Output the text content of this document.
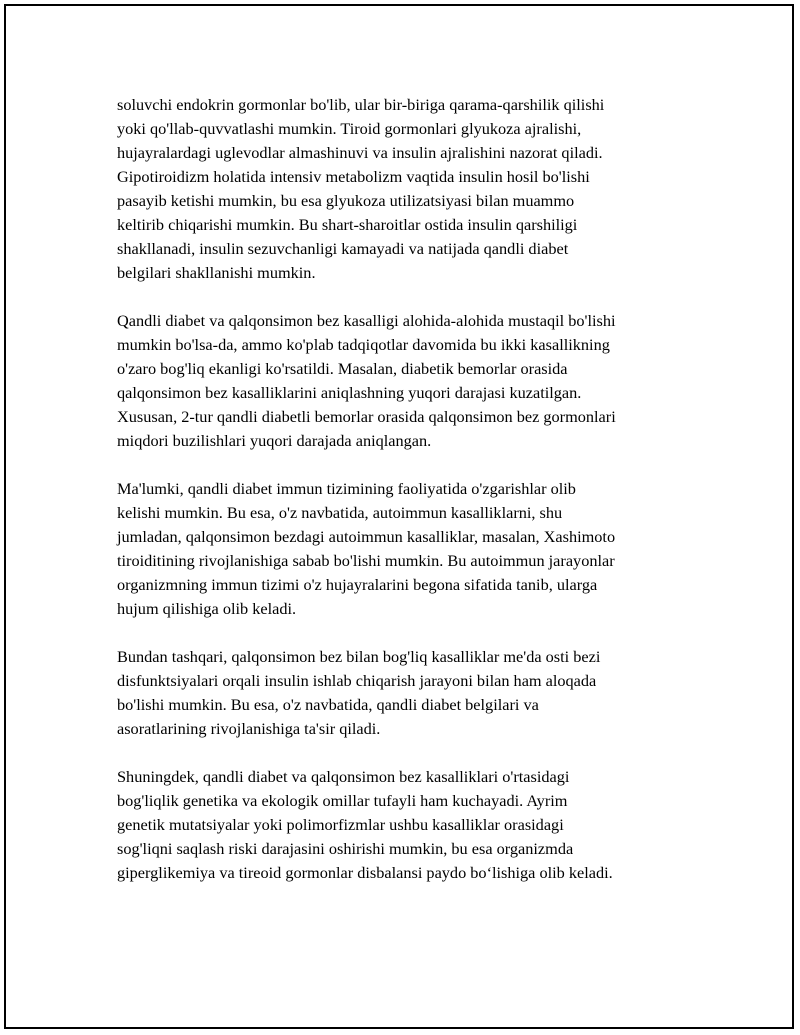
soluvchi endokrin gormonlar bo'lib, ular bir-biriga qarama-qarshilik qilishi
yoki qo'llab-quvvatlashi mumkin. Tiroid gormonlari glyukoza ajralishi,
hujayralardagi uglevodlar almashinuvi va insulin ajralishini nazorat qiladi.
Gipotiroidizm holatida intensiv metabolizm vaqtida insulin hosil bo'lishi
pasayib ketishi mumkin, bu esa glyukoza utilizatsiyasi bilan muammo
keltirib chiqarishi mumkin. Bu shart-sharoitlar ostida insulin qarshiligi
shakllanadi, insulin sezuvchanligi kamayadi va natijada qandli diabet
belgilari shakllanishi mumkin.

Qandli diabet va qalqonsimon bez kasalligi alohida-alohida mustaqil bo'lishi
mumkin bo'lsa-da, ammo ko'plab tadqiqotlar davomida bu ikki kasallikning
o'zaro bog'liq ekanligi ko'rsatildi. Masalan, diabetik bemorlar orasida
qalqonsimon bez kasalliklarini aniqlashning yuqori darajasi kuzatilgan.
Xususan, 2-tur qandli diabetli bemorlar orasida qalqonsimon bez gormonlari
miqdori buzilishlari yuqori darajada aniqlangan.

Ma'lumki, qandli diabet immun tizimining faoliyatida o'zgarishlar olib
kelishi mumkin. Bu esa, o'z navbatida, autoimmun kasalliklarni, shu
jumladan, qalqonsimon bezdagi autoimmun kasalliklar, masalan, Xashimoto
tiroiditining rivojlanishiga sabab bo'lishi mumkin. Bu autoimmun jarayonlar
organizmning immun tizimi o'z hujayralarini begona sifatida tanib, ularga
hujum qilishiga olib keladi.

Bundan tashqari, qalqonsimon bez bilan bog'liq kasalliklar me'da osti bezi
disfunktsiyalari orqali insulin ishlab chiqarish jarayoni bilan ham aloqada
bo'lishi mumkin. Bu esa, o'z navbatida, qandli diabet belgilari va
asoratlarining rivojlanishiga ta'sir qiladi.

Shuningdek, qandli diabet va qalqonsimon bez kasalliklari o'rtasidagi
bog'liqlik genetika va ekologik omillar tufayli ham kuchayadi. Ayrim
genetik mutatsiyalar yoki polimorfizmlar ushbu kasalliklar orasidagi
sog'liqni saqlash riski darajasini oshirishi mumkin, bu esa organizmda
giperglikemiya va tireoid gormonlar disbalansi paydo bo‘lishiga olib keladi.
